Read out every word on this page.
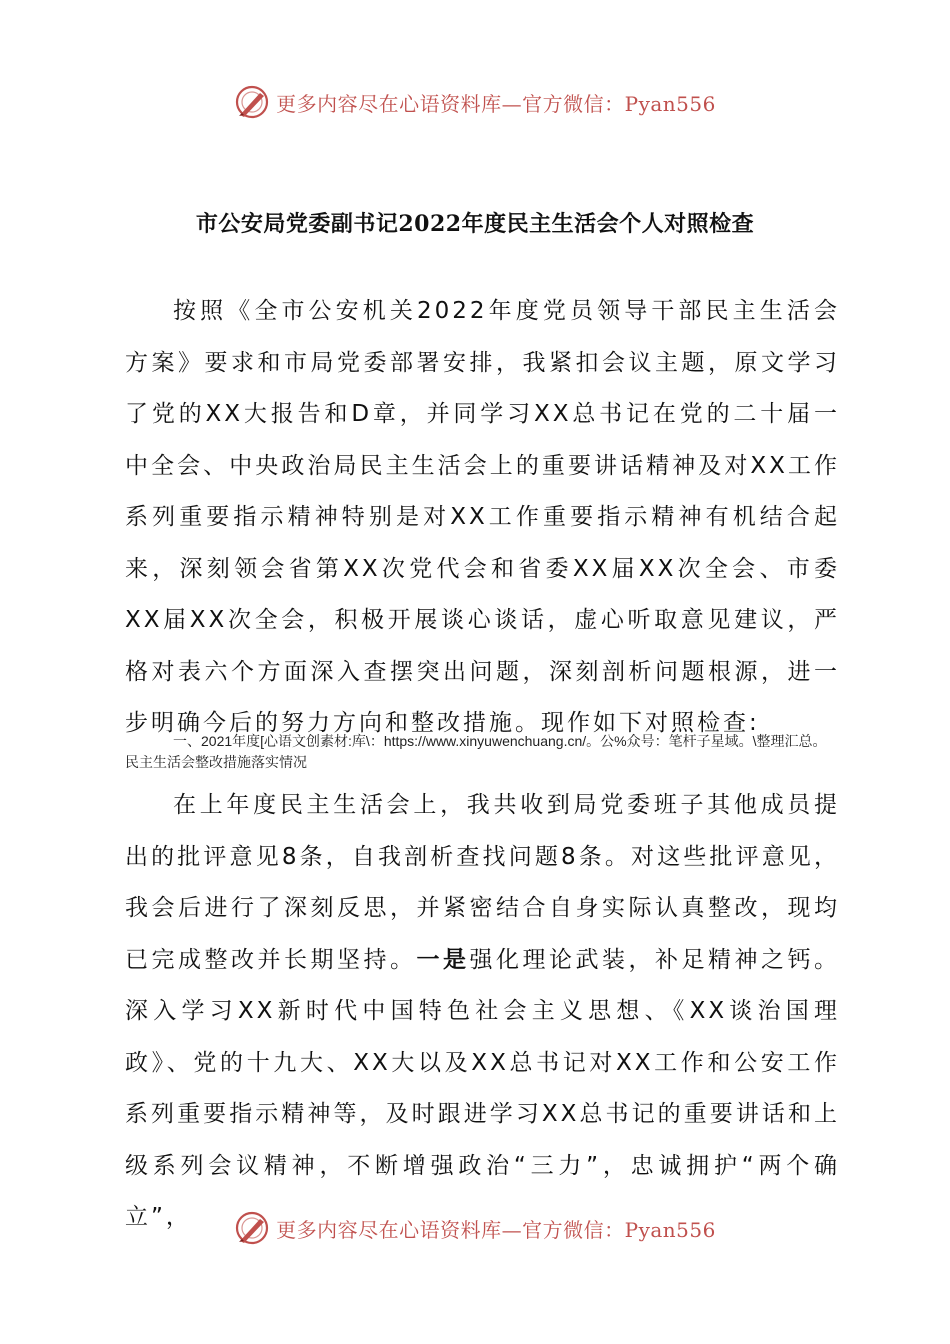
更多内容尽在心语资料库—官方微信：Pyan556
市公安局党委副书记2022年度民主生活会个人对照检查

按照《全市公安机关2022年度党员领导干部民主生活会方案》要求和市局党委部署安排，我紧扣会议主题，原文学习了党的XX大报告和D章，并同学习XX总书记在党的二十届一中全会、中央政治局民主生活会上的重要讲话精神及对XX工作系列重要指示精神特别是对XX工作重要指示精神有机结合起来，深刻领会省第XX次党代会和省委XX届XX次全会、市委XX届XX次全会，积极开展谈心谈话，虚心听取意见建议，严格对表六个方面深入查摆突出问题，深刻剖析问题根源，进一步明确今后的努力方向和整改措施。现作如下对照检查:

一、2021年度[心语文创素材:库\：https://www.xinyuwenchuang.cn/。公%众号：笔杆子星域。\整理汇总。民主生活会整改措施落实情况

在上年度民主生活会上，我共收到局党委班子其他成员提出的批评意见8条，自我剖析查找问题8条。对这些批评意见，我会后进行了深刻反思，并紧密结合自身实际认真整改，现均已完成整改并长期坚持。一是强化理论武装，补足精神之钙。深入学习XX新时代中国特色社会主义思想、《XX谈治国理政》、党的十九大、XX大以及XX总书记对XX工作和公安工作系列重要指示精神等，及时跟进学习XX总书记的重要讲话和上级系列会议精神，不断增强政治“三力”，忠诚拥护“两个确立”，	更多内容尽在心语资料库—官方微信：Pyan556
